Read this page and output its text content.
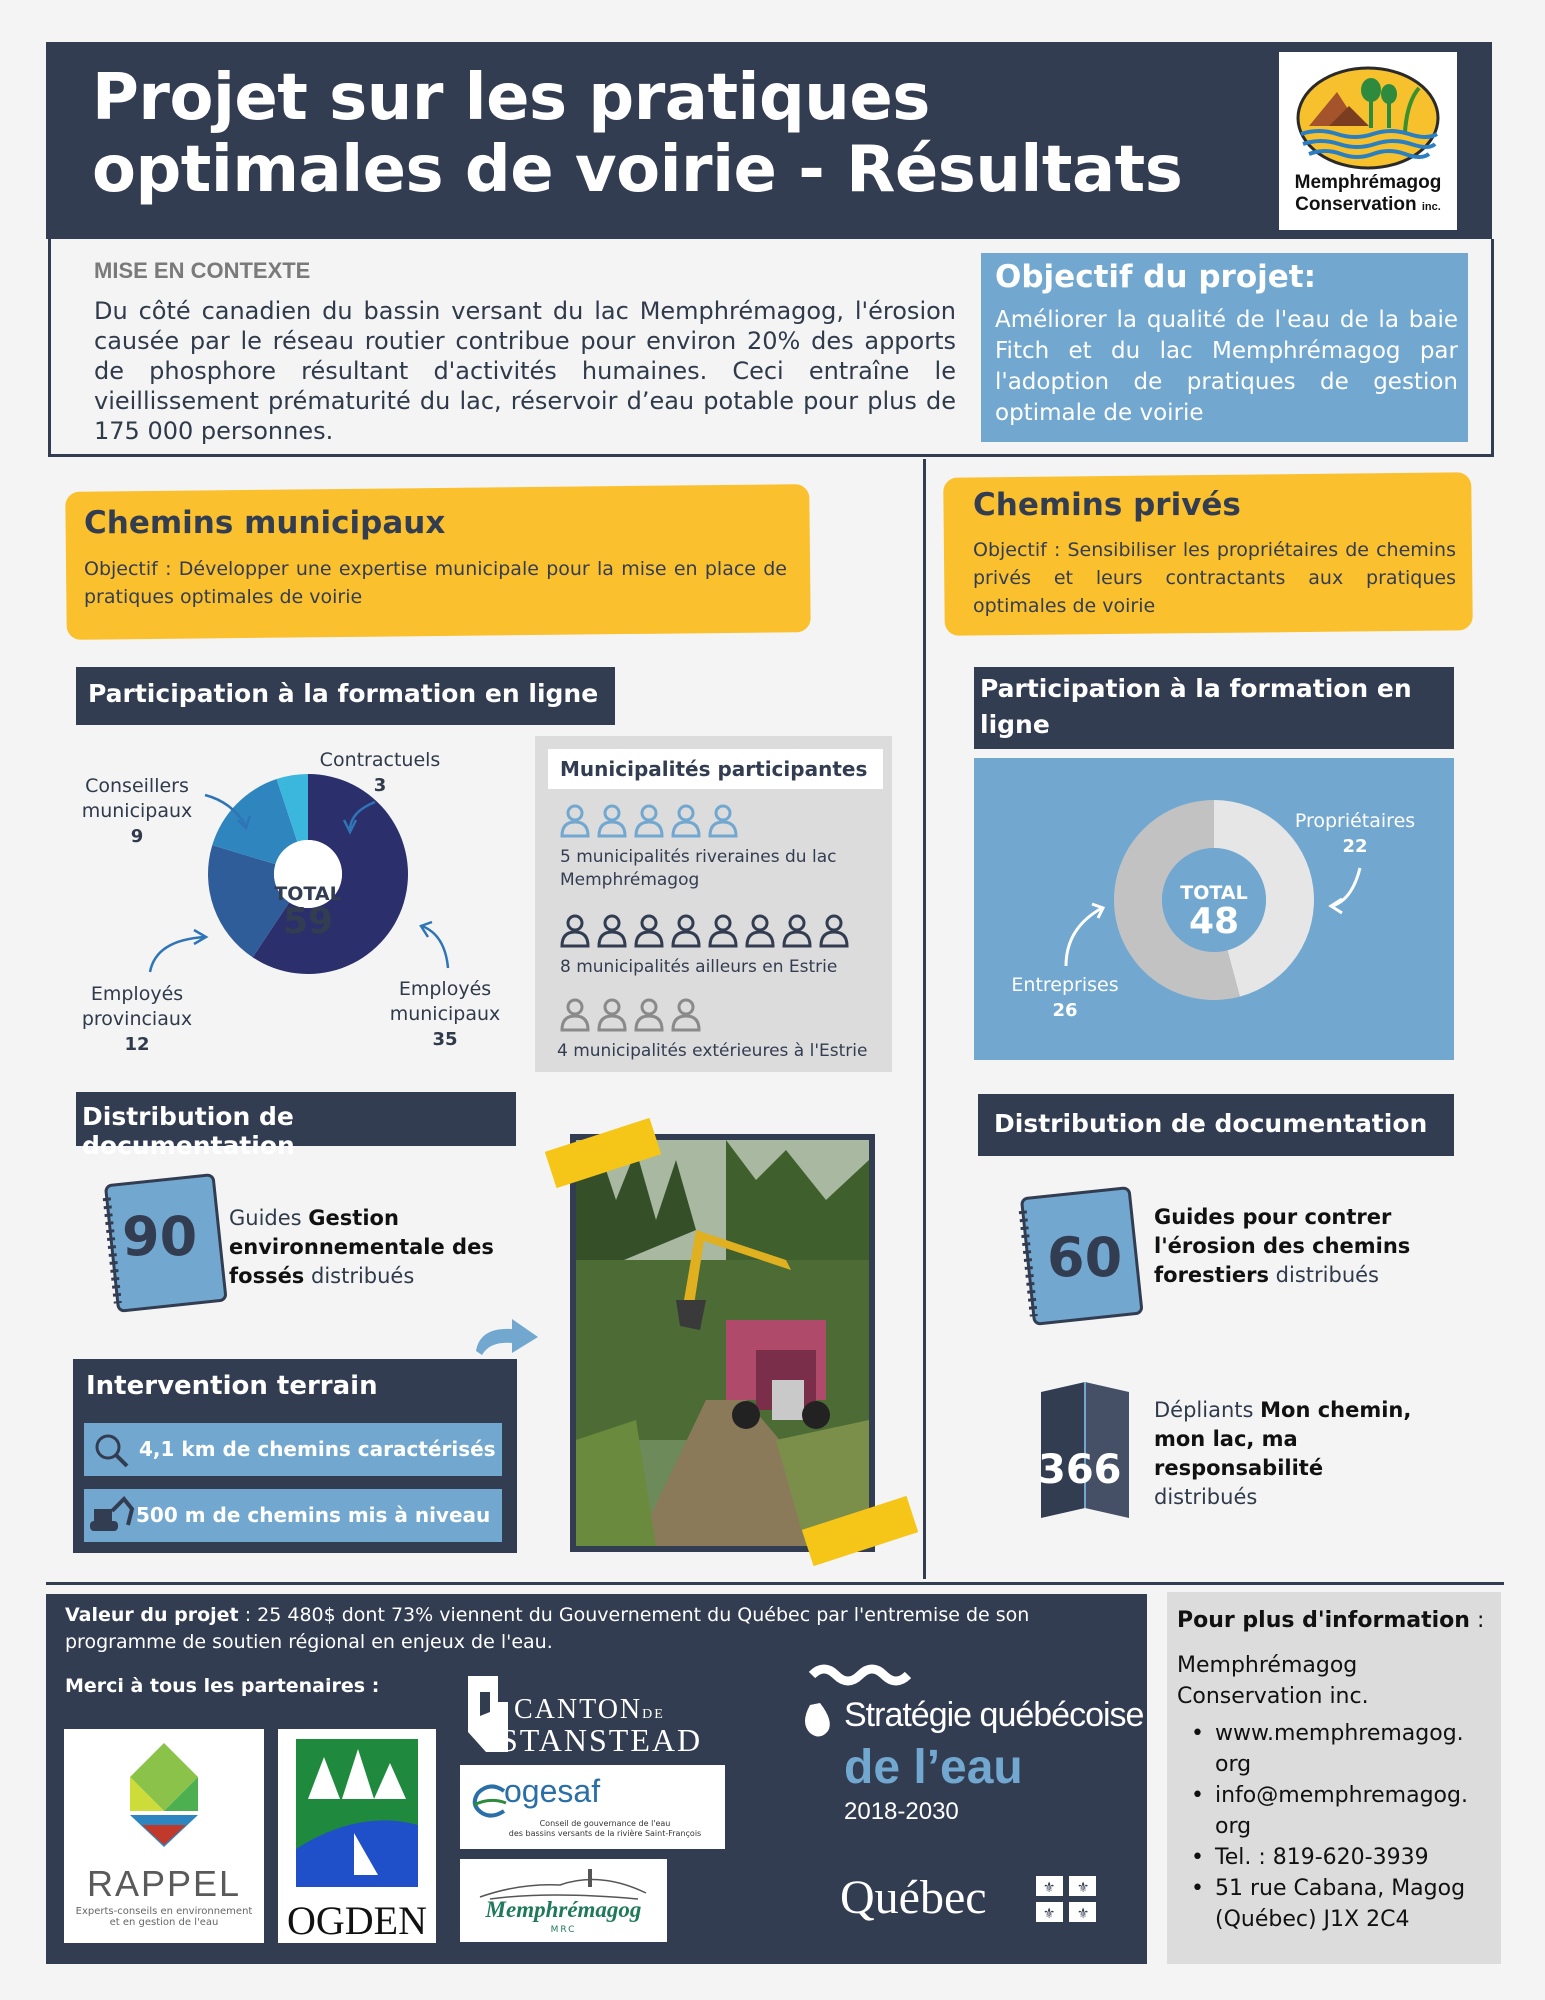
Projet sur les pratiques
optimales de voirie - Résultats	Memphrémagog
Conservation inc.
MISE EN CONTEXTE
Du côté canadien du bassin versant du lac Memphrémagog, l'érosion causée par le réseau routier contribue pour environ 20% des apports de phosphore résultant d'activités humaines. Ceci entraîne le vieillissement prématurité du lac, réservoir d’eau potable pour plus de 175 000 personnes.
Objectif du projet:
Améliorer la qualité de l'eau de la baie Fitch et du lac Memphrémagog par l'adoption de pratiques de gestion optimale de voirie
Chemins municipaux
Objectif : Développer une expertise municipale pour la mise en place de pratiques optimales de voirie
Participation à la formation en ligne
TOTAL
59
Contractuels
3
Conseillers
municipaux
9
Employés
provinciaux
12
Employés
municipaux
35
Municipalités participantes
5 municipalités riveraines du lac Memphrémagog
8 municipalités ailleurs en Estrie
4 municipalités extérieures à l'Estrie
Distribution de documentation
90 Guides Gestion environnementale des fossés distribués
Intervention terrain
4,1 km de chemins caractérisés
500 m de chemins mis à niveau
Chemins privés
Objectif : Sensibiliser les propriétaires de chemins privés et leurs contractants aux pratiques optimales de voirie
Participation à la formation en ligne
TOTAL
48
Propriétaires
22
Entreprises
26
Distribution de documentation
60
Guides pour contrer l'érosion des chemins forestiers distribués
366
Dépliants Mon chemin, mon lac, ma responsabilité distribués
Valeur du projet : 25 480$ dont 73% viennent du Gouvernement du Québec par l'entremise de son programme de soutien régional en enjeux de l'eau.
Merci à tous les partenaires :
RAPPEL
Experts-conseils en environnement
et en gestion de l'eau	OGDEN
CANTONDE
STANSTEAD
ogesaf
Conseil de gouvernance de l'eau
des bassins versants de la rivière Saint-François
Memphrémagog
MRC
Stratégie québécoise
de l’eau
2018-2030
Québec	⚜ ⚜
⚜ ⚜
Pour plus d'information :
Memphrémagog Conservation inc.
• www.memphremagog.
org
• info@memphremagog.
org
• Tel. : 819-620-3939
• 51 rue Cabana, Magog (Québec) J1X 2C4
